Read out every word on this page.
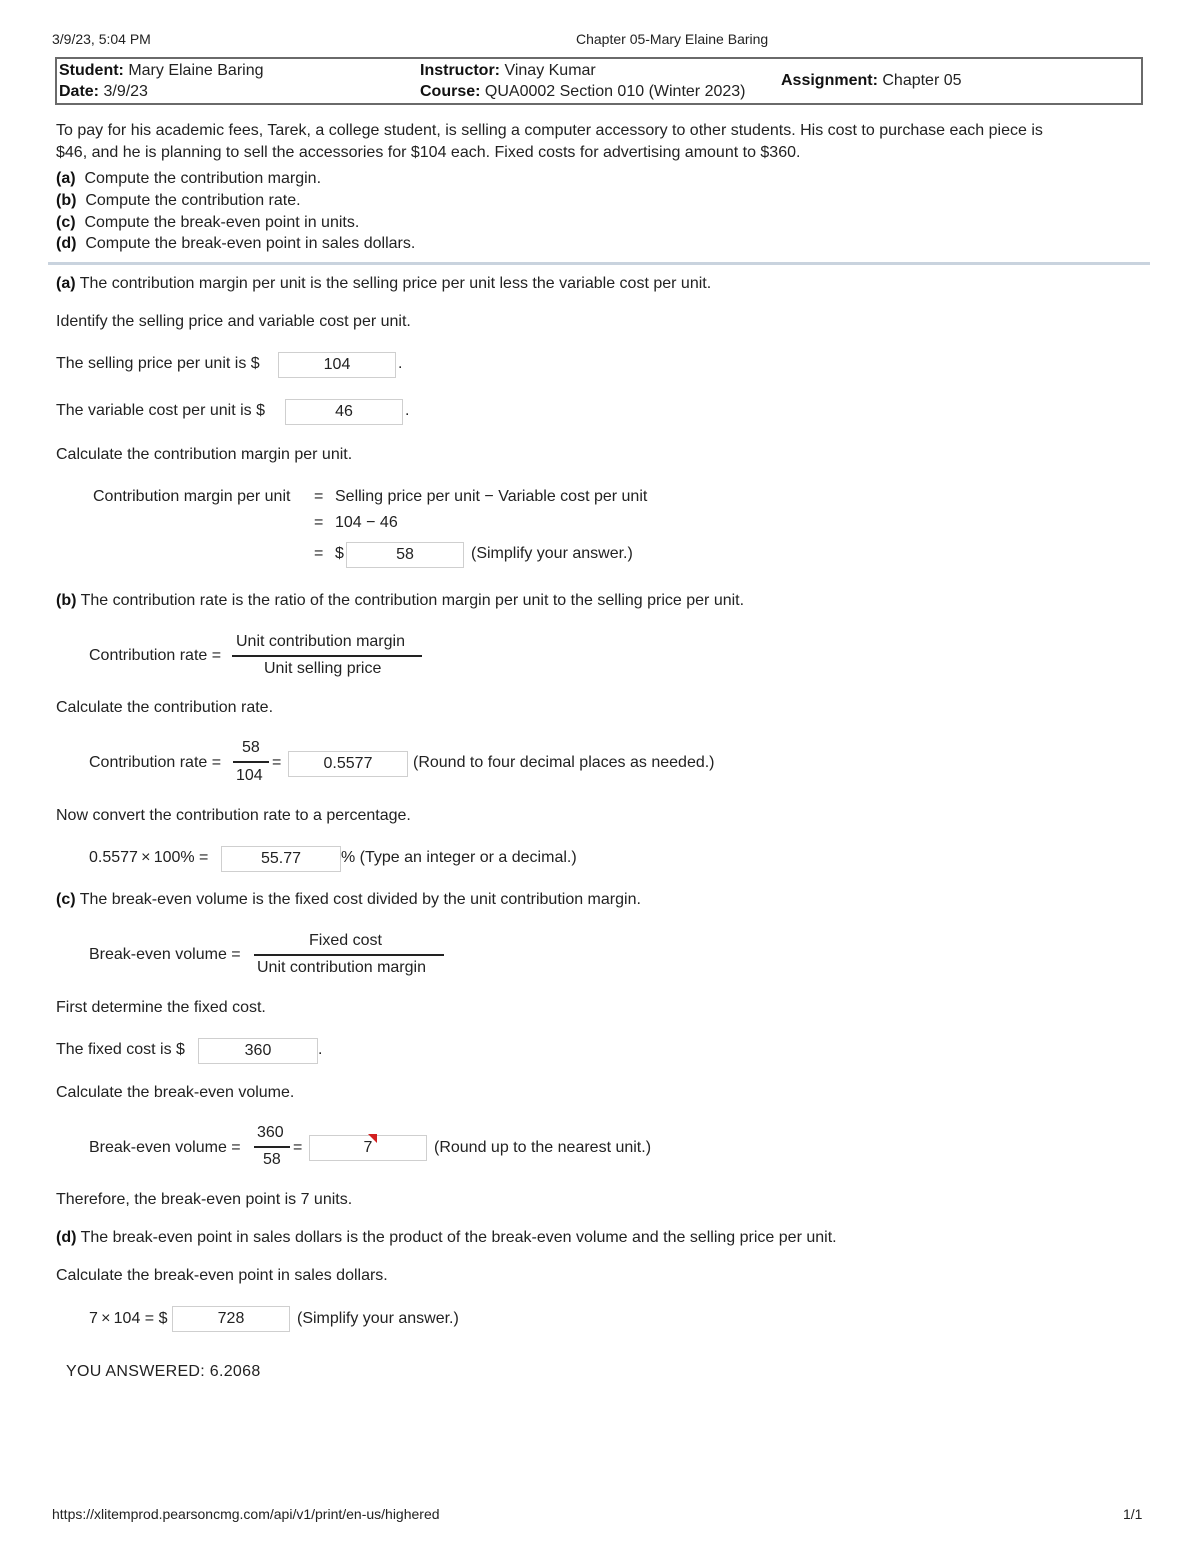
3/9/23, 5:04 PM	Chapter 05-Mary Elaine Baring
Student: Mary Elaine Baring
Date: 3/9/23
Instructor: Vinay Kumar
Course: QUA0002 Section 010 (Winter 2023)
Assignment: Chapter 05
To pay for his academic fees, Tarek, a college student, is selling a computer accessory to other students. His cost to purchase each piece is
$46, and he is planning to sell the accessories for $104 each. Fixed costs for advertising amount to $360.
(a) Compute the contribution margin.
(b) Compute the contribution rate.
(c) Compute the break-even point in units.
(d) Compute the break-even point in sales dollars.
(a) The contribution margin per unit is the selling price per unit less the variable cost per unit.
Identify the selling price and variable cost per unit.
The selling price per unit is $	104	.
The variable cost per unit is $	46	.
Calculate the contribution margin per unit.
Contribution margin per unit = Selling price per unit − Variable cost per unit
= 104 − 46
= $	58	(Simplify your answer.)
(b) The contribution rate is the ratio of the contribution margin per unit to the selling price per unit.
Contribution rate =
Unit contribution margin
Unit selling price
Calculate the contribution rate.
Contribution rate =
58
104
=	0.5577	(Round to four decimal places as needed.)
Now convert the contribution rate to a percentage.
0.5577 × 100% =	55.77	% (Type an integer or a decimal.)
(c) The break-even volume is the fixed cost divided by the unit contribution margin.
Break-even volume =
Fixed cost
Unit contribution margin
First determine the fixed cost.
The fixed cost is $	360	.
Calculate the break-even volume.
Break-even volume =
360
58
=	7	(Round up to the nearest unit.)
Therefore, the break-even point is 7 units.
(d) The break-even point in sales dollars is the product of the break-even volume and the selling price per unit.
Calculate the break-even point in sales dollars.
7 × 104 = $	728	(Simplify your answer.)
YOU ANSWERED: 6.2068
https://xlitemprod.pearsoncmg.com/api/v1/print/en-us/highered	1/1
